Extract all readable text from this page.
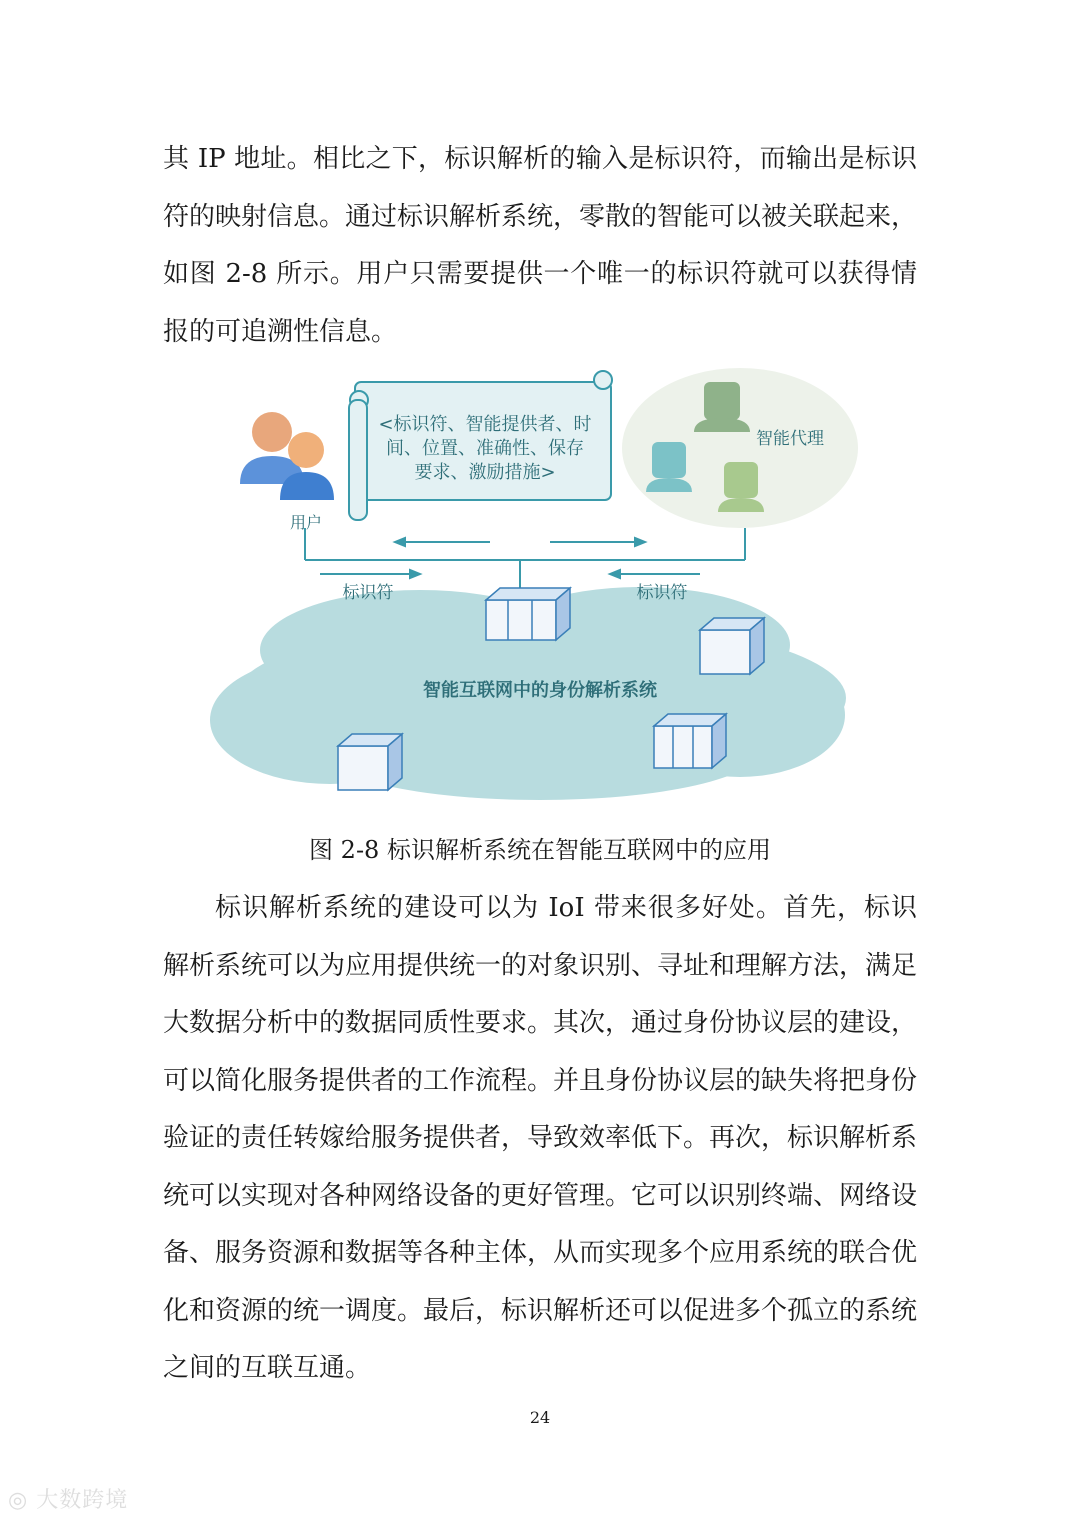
其 IP 地址。相比之下，标识解析的输入是标识符，而输出是标识符的映射信息。通过标识解析系统，零散的智能可以被关联起来，如图 2-8 所示。用户只需要提供一个唯一的标识符就可以获得情报的可追溯性信息。

<标识符、智能提供者、时
间、位置、准确性、保存
要求、激励措施>
用户
智能代理
标识符	标识符
智能互联网中的身份解析系统
图 2-8 标识解析系统在智能互联网中的应用

标识解析系统的建设可以为 IoI 带来很多好处。首先，标识解析系统可以为应用提供统一的对象识别、寻址和理解方法，满足大数据分析中的数据同质性要求。其次，通过身份协议层的建设，可以简化服务提供者的工作流程。并且身份协议层的缺失将把身份验证的责任转嫁给服务提供者，导致效率低下。再次，标识解析系统可以实现对各种网络设备的更好管理。它可以识别终端、网络设备、服务资源和数据等各种主体，从而实现多个应用系统的联合优化和资源的统一调度。最后，标识解析还可以促进多个孤立的系统之间的互联互通。

24
◎ 大数跨境
